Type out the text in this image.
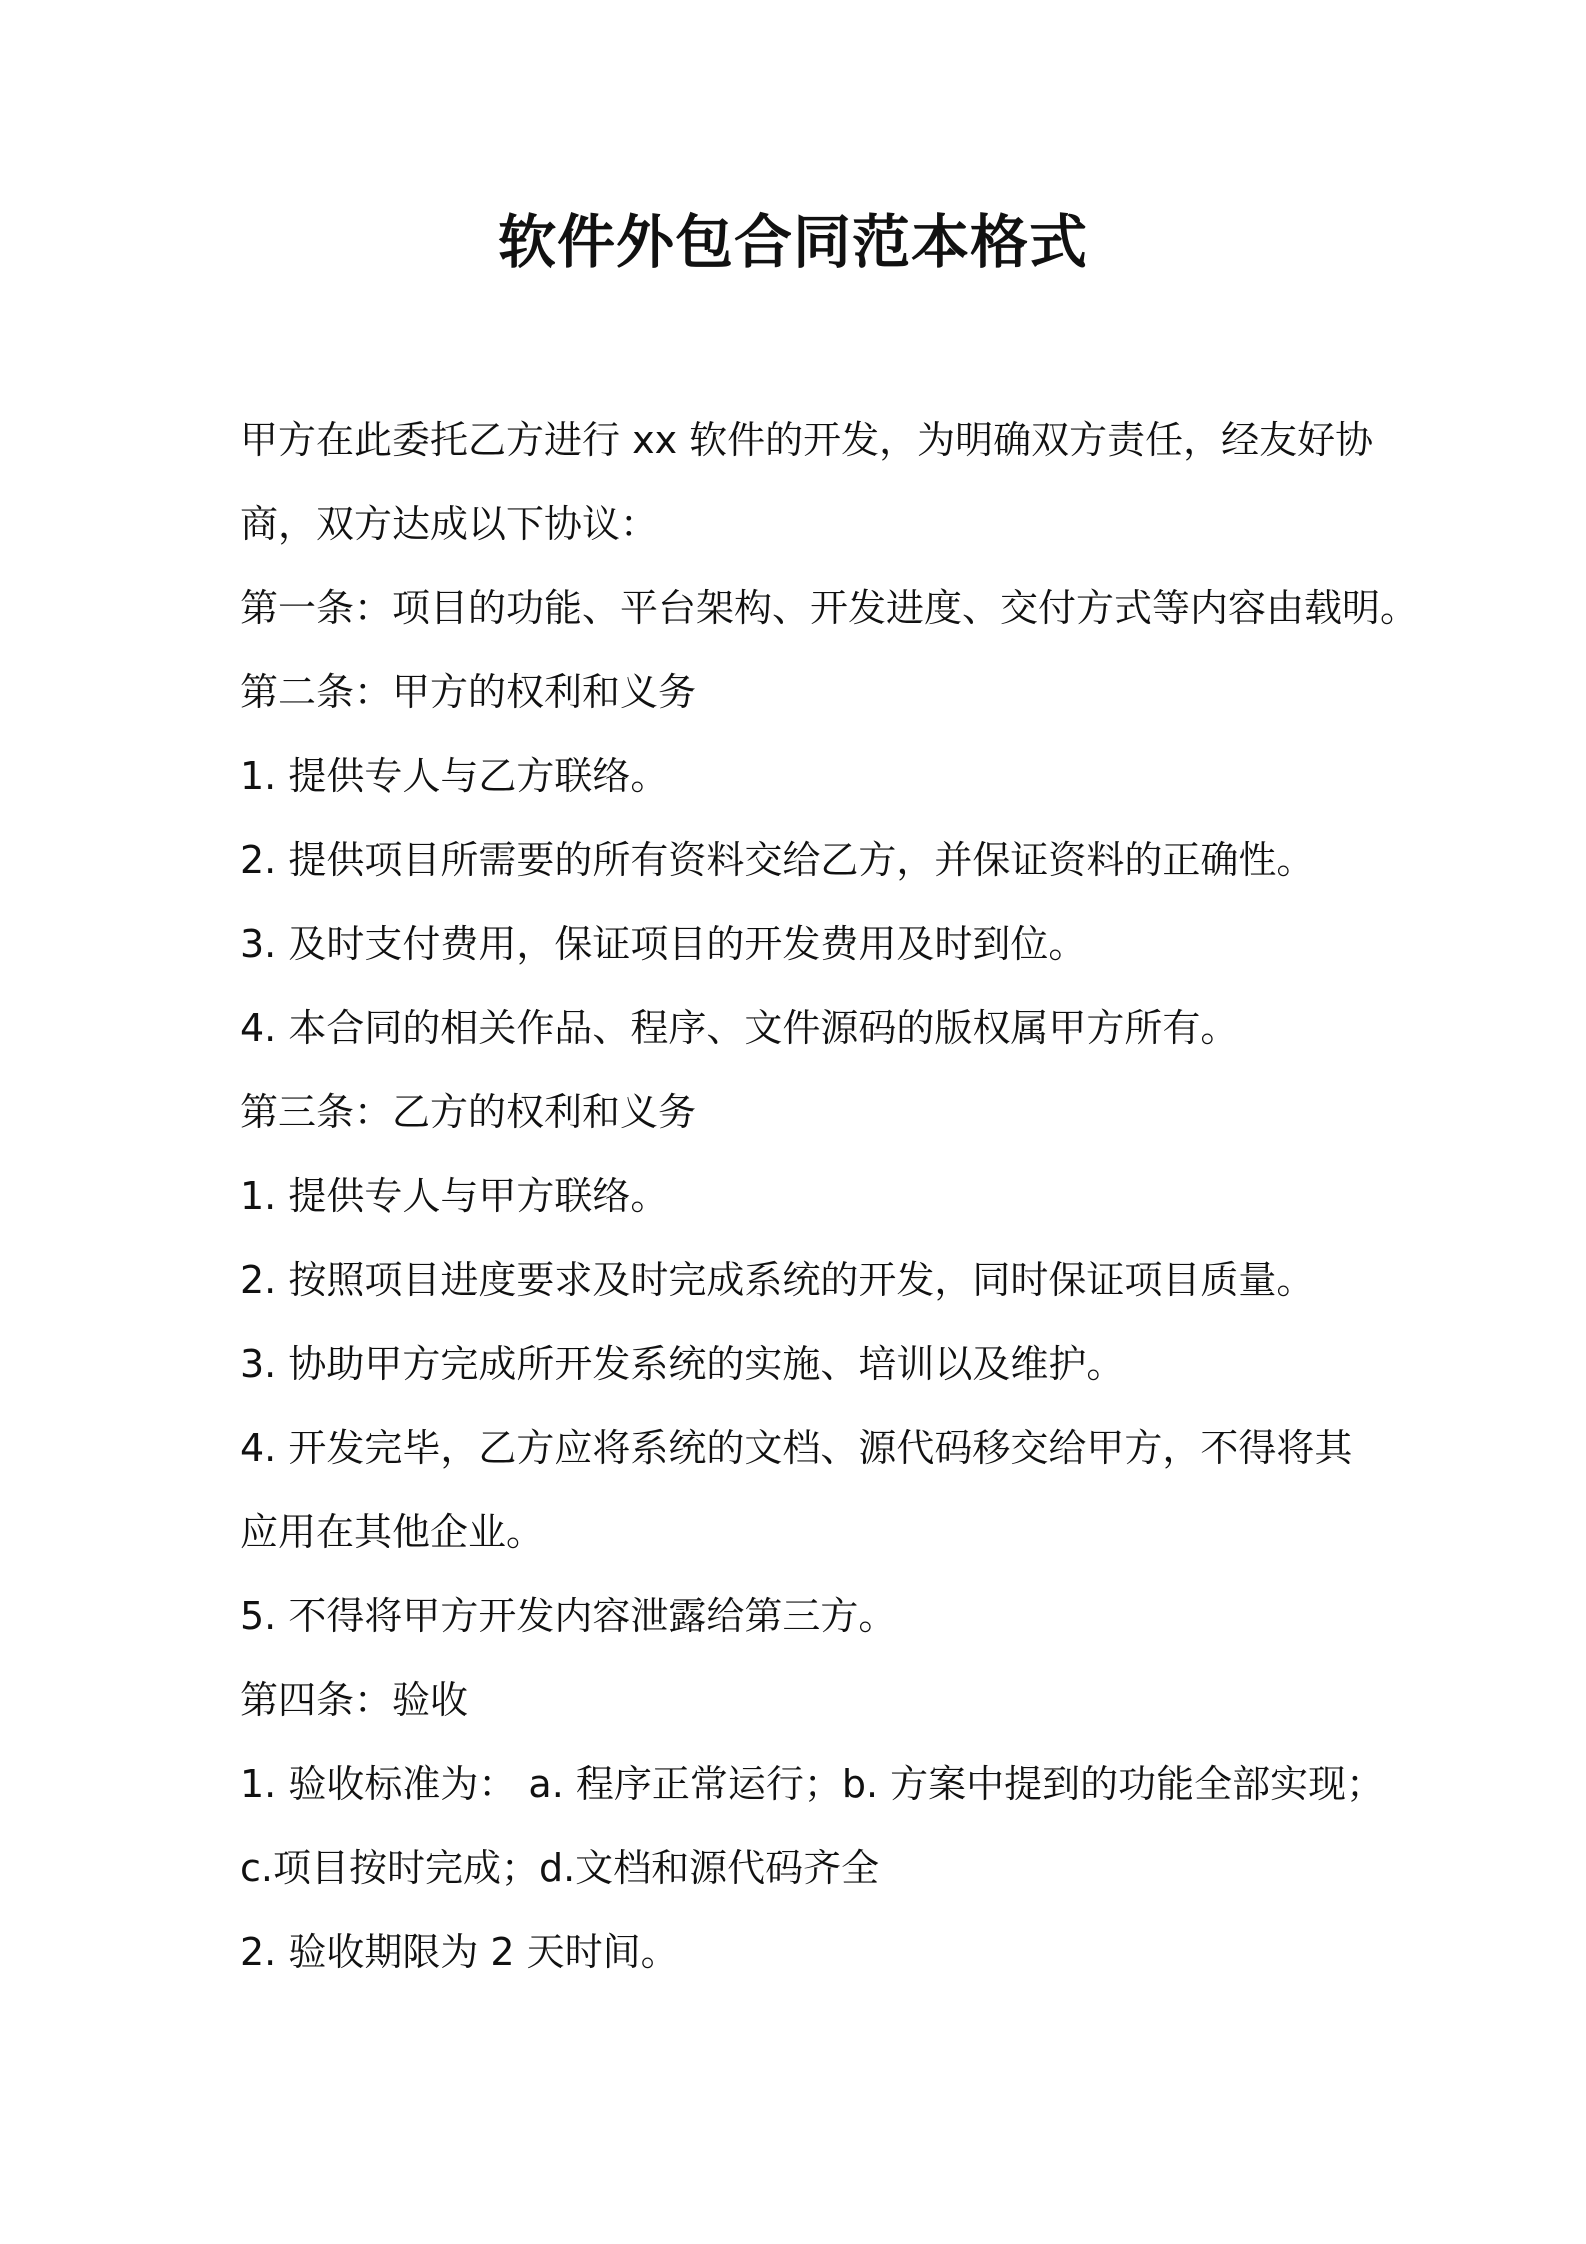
软件外包合同范本格式
甲方在此委托乙方进行 xx 软件的开发，为明确双方责任，经友好协
商，双方达成以下协议：
第一条：项目的功能、平台架构、开发进度、交付方式等内容由载明。
第二条：甲方的权利和义务
1. 提供专人与乙方联络。
2. 提供项目所需要的所有资料交给乙方，并保证资料的正确性。
3. 及时支付费用，保证项目的开发费用及时到位。
4. 本合同的相关作品、程序、文件源码的版权属甲方所有。
第三条：乙方的权利和义务
1. 提供专人与甲方联络。
2. 按照项目进度要求及时完成系统的开发，同时保证项目质量。
3. 协助甲方完成所开发系统的实施、培训以及维护。
4. 开发完毕，乙方应将系统的文档、源代码移交给甲方，不得将其
应用在其他企业。
5. 不得将甲方开发内容泄露给第三方。
第四条：验收
1. 验收标准为： a. 程序正常运行；b. 方案中提到的功能全部实现；
c.项目按时完成；d.文档和源代码齐全
2. 验收期限为 2 天时间。
